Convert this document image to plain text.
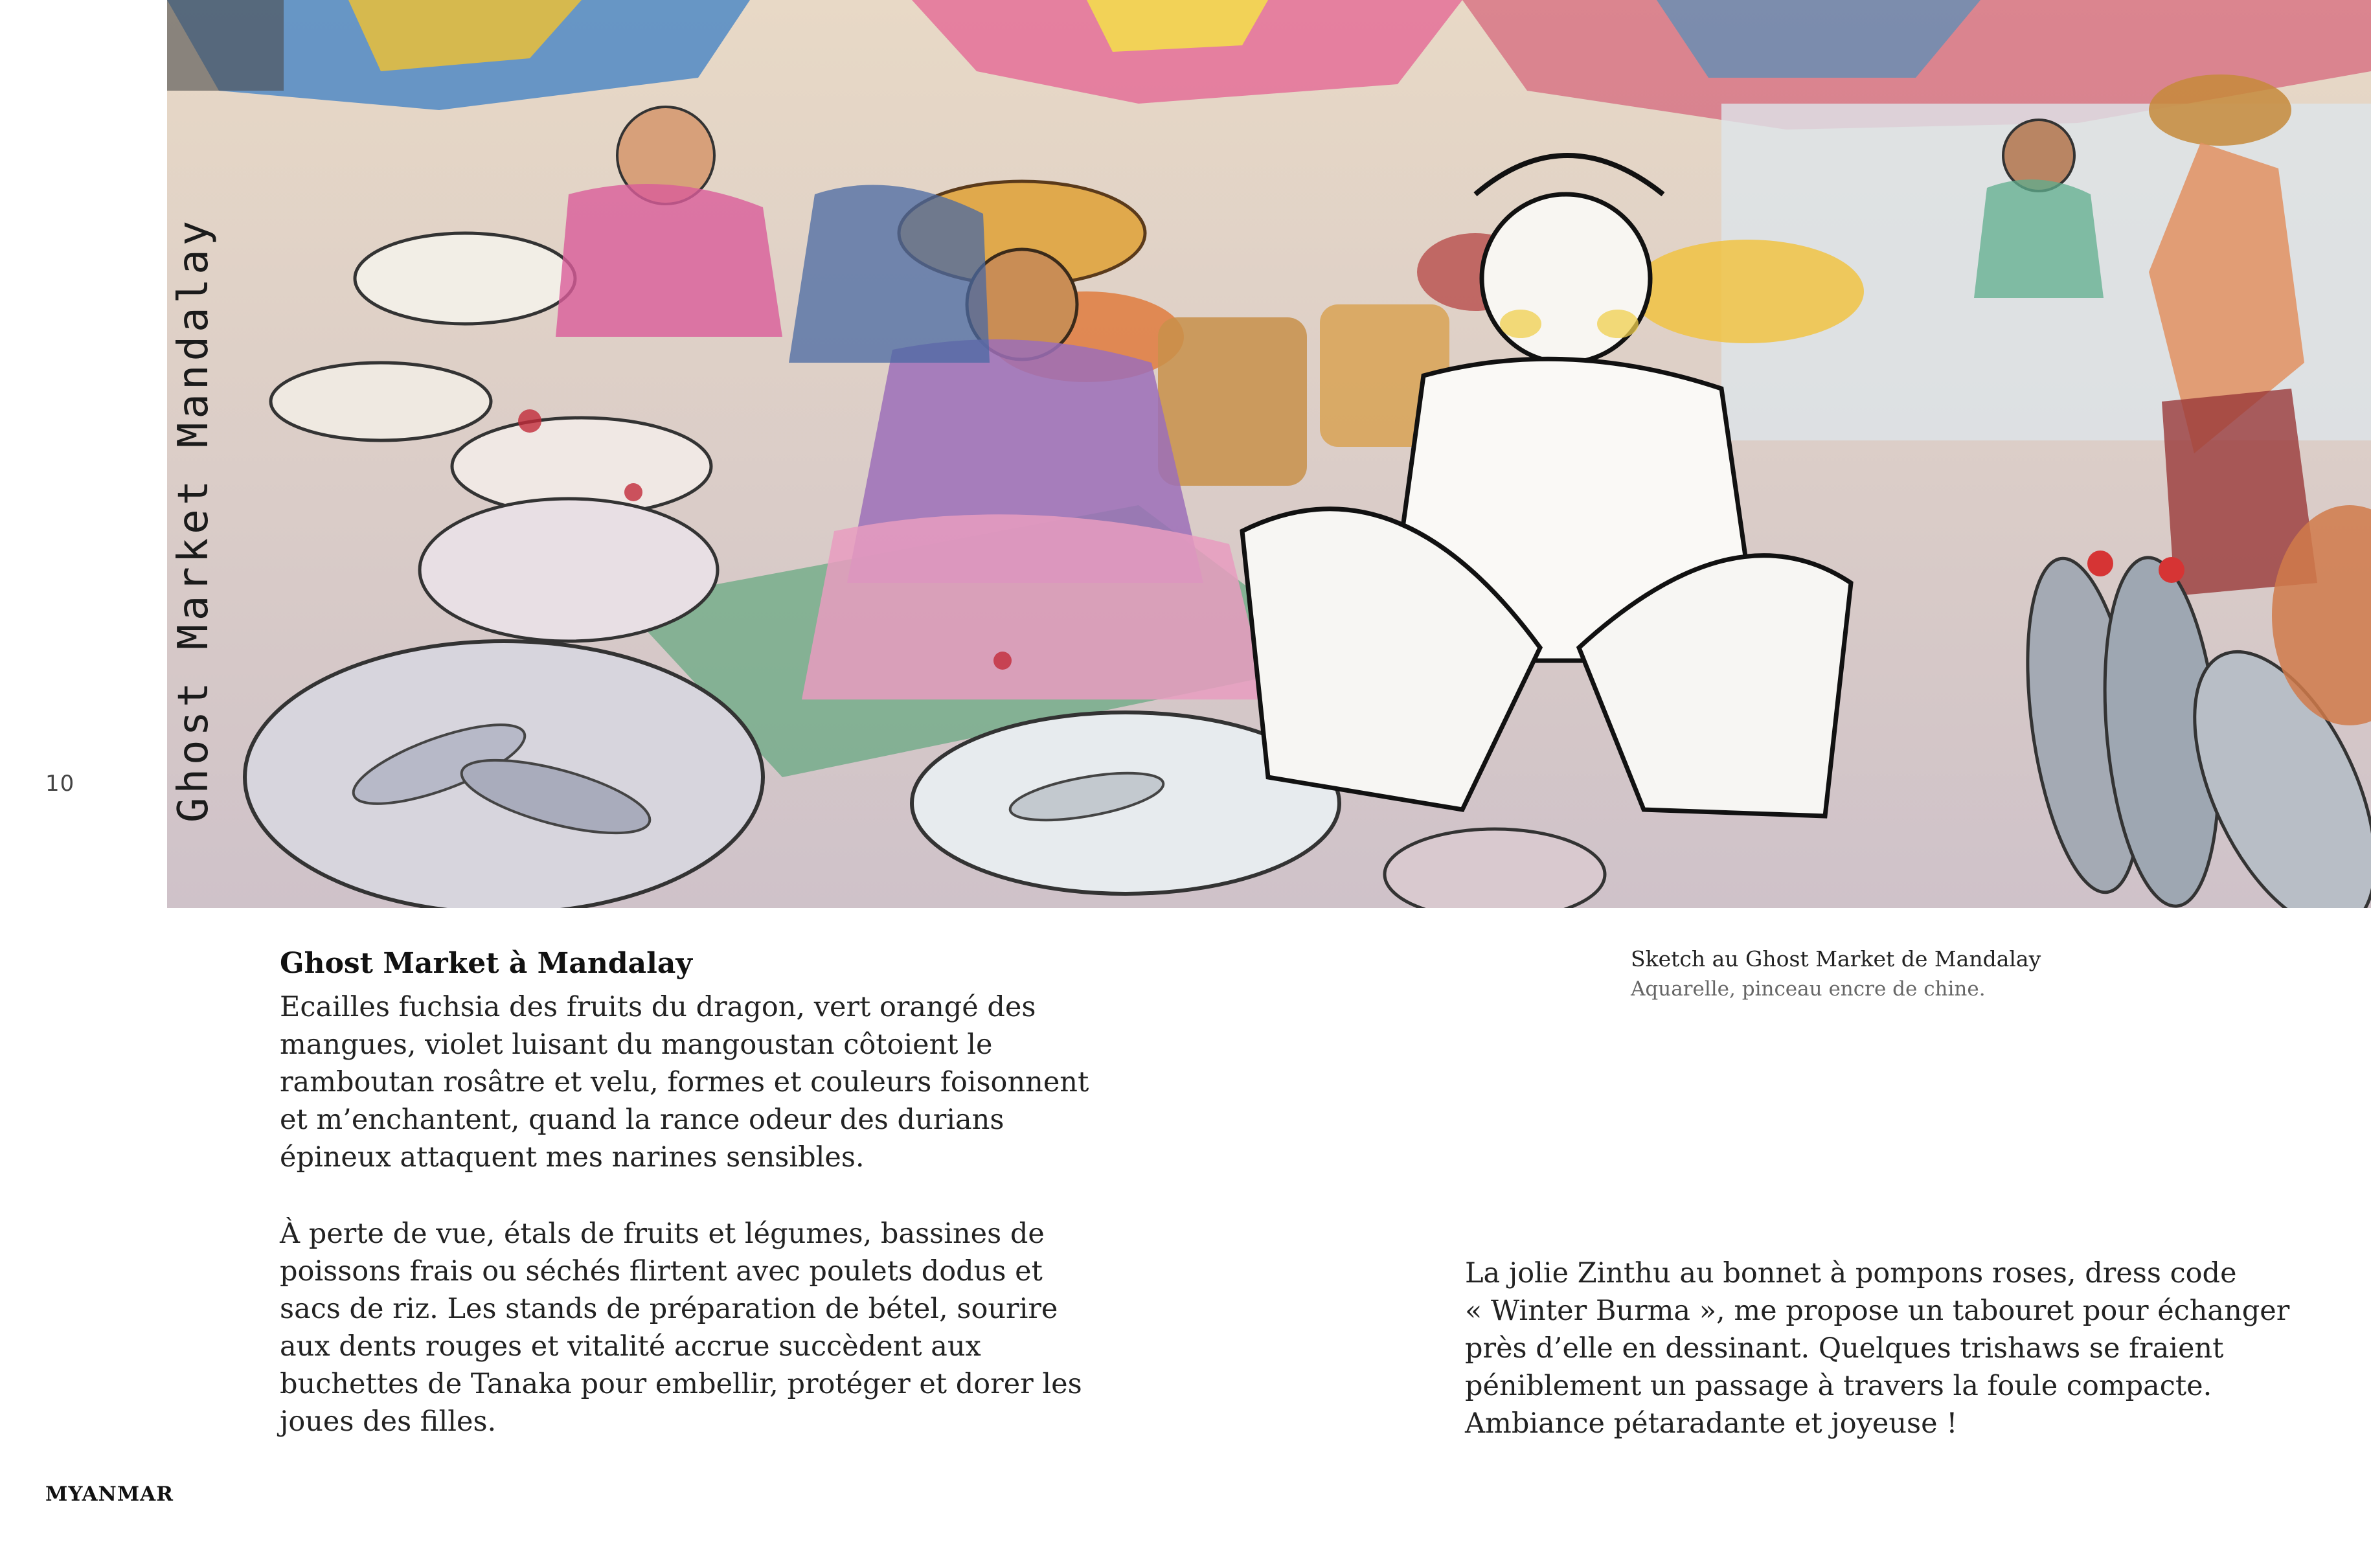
Ghost Market Mandalay
10
Ghost Market à Mandalay
Ecailles fuchsia des fruits du dragon, vert orangé des
mangues, violet luisant du mangoustan côtoient le
ramboutan rosâtre et velu, formes et couleurs foisonnent
et m’enchantent, quand la rance odeur des durians
épineux attaquent mes narines sensibles.
À perte de vue, étals de fruits et légumes, bassines de
poissons frais ou séchés flirtent avec poulets dodus et
sacs de riz. Les stands de préparation de bétel, sourire
aux dents rouges et vitalité accrue succèdent aux
buchettes de Tanaka pour embellir, protéger et dorer les
joues des filles.
La jolie Zinthu au bonnet à pompons roses, dress code
« Winter Burma », me propose un tabouret pour échanger
près d’elle en dessinant. Quelques trishaws se fraient
péniblement un passage à travers la foule compacte.
Ambiance pétaradante et joyeuse !
Sketch au Ghost Market de Mandalay
Aquarelle, pinceau encre de chine.
MYANMAR
